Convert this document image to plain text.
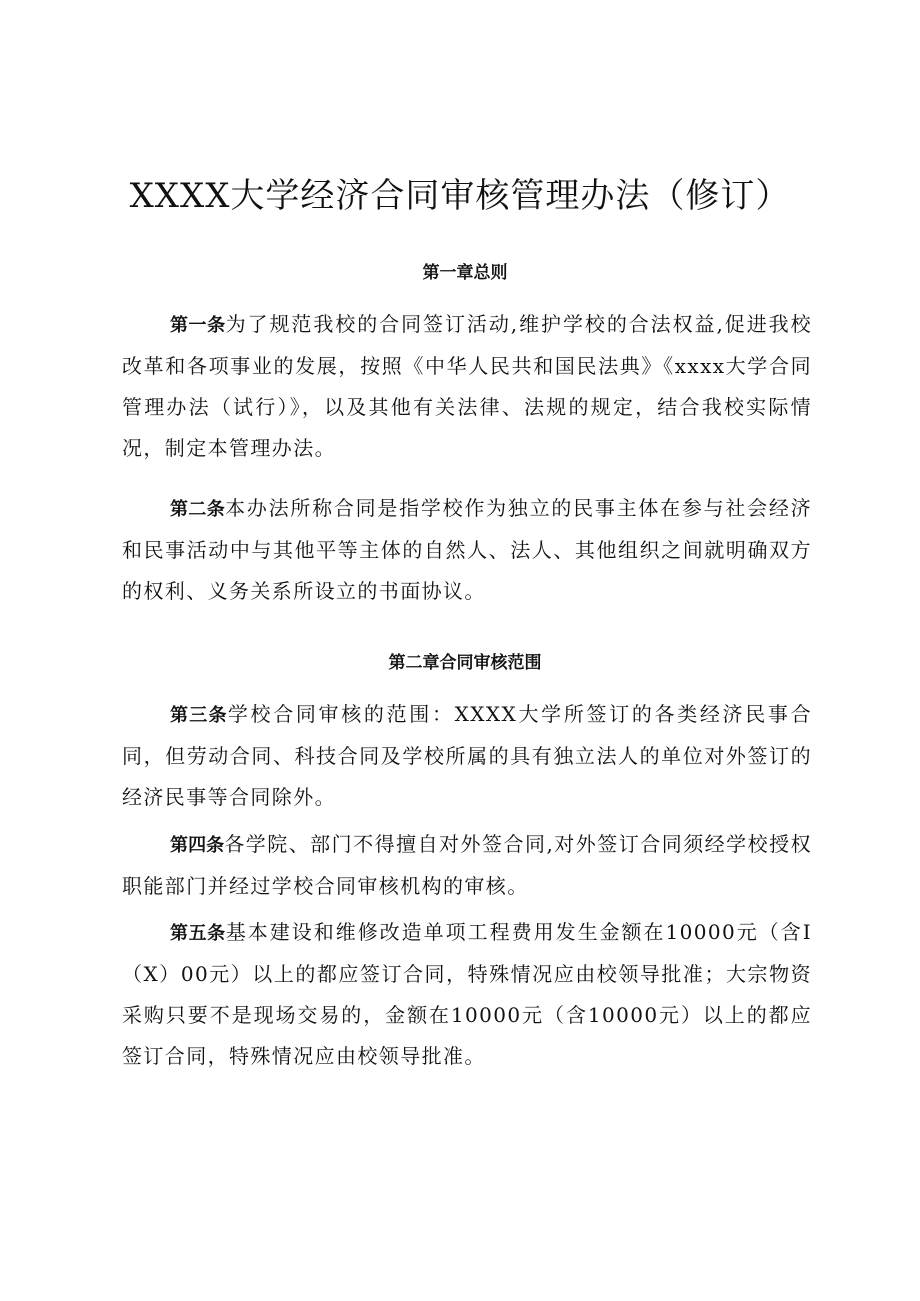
XXXX大学经济合同审核管理办法（修订）
第一章总则

第一条为了规范我校的合同签订活动,维护学校的合法权益,促进我校改革和各项事业的发展，按照《中华人民共和国民法典》《xxxx大学合同管理办法（试行）》，以及其他有关法律、法规的规定，结合我校实际情况，制定本管理办法。

第二条本办法所称合同是指学校作为独立的民事主体在参与社会经济和民事活动中与其他平等主体的自然人、法人、其他组织之间就明确双方的权利、义务关系所设立的书面协议。

第二章合同审核范围

第三条学校合同审核的范围：XXXX大学所签订的各类经济民事合同，但劳动合同、科技合同及学校所属的具有独立法人的单位对外签订的经济民事等合同除外。

第四条各学院、部门不得擅自对外签合同,对外签订合同须经学校授权职能部门并经过学校合同审核机构的审核。

第五条基本建设和维修改造单项工程费用发生金额在10000元（含I（X）00元）以上的都应签订合同，特殊情况应由校领导批准；大宗物资采购只要不是现场交易的，金额在10000元（含10000元）以上的都应签订合同，特殊情况应由校领导批准。
